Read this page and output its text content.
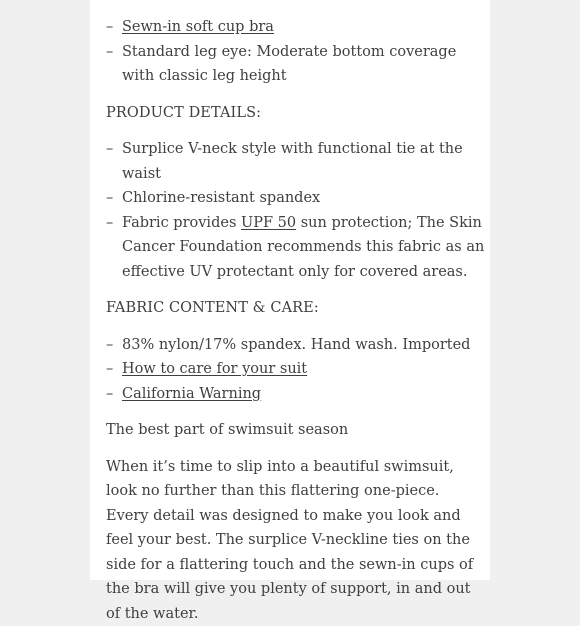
– Sewn-in soft cup bra
– Standard leg eye: Moderate bottom coverage with classic leg height
PRODUCT DETAILS:
– Surplice V-neck style with functional tie at the waist
– Chlorine-resistant spandex
– Fabric provides UPF 50 sun protection; The Skin Cancer Foundation recommends this fabric as an effective UV protectant only for covered areas.
FABRIC CONTENT & CARE:
– 83% nylon/17% spandex. Hand wash. Imported
– How to care for your suit
– California Warning
The best part of swimsuit season
When it’s time to slip into a beautiful swimsuit, look no further than this flattering one-piece. Every detail was designed to make you look and feel your best. The surplice V-neckline ties on the side for a flattering touch and the sewn-in cups of the bra will give you plenty of support, in and out of the water.
